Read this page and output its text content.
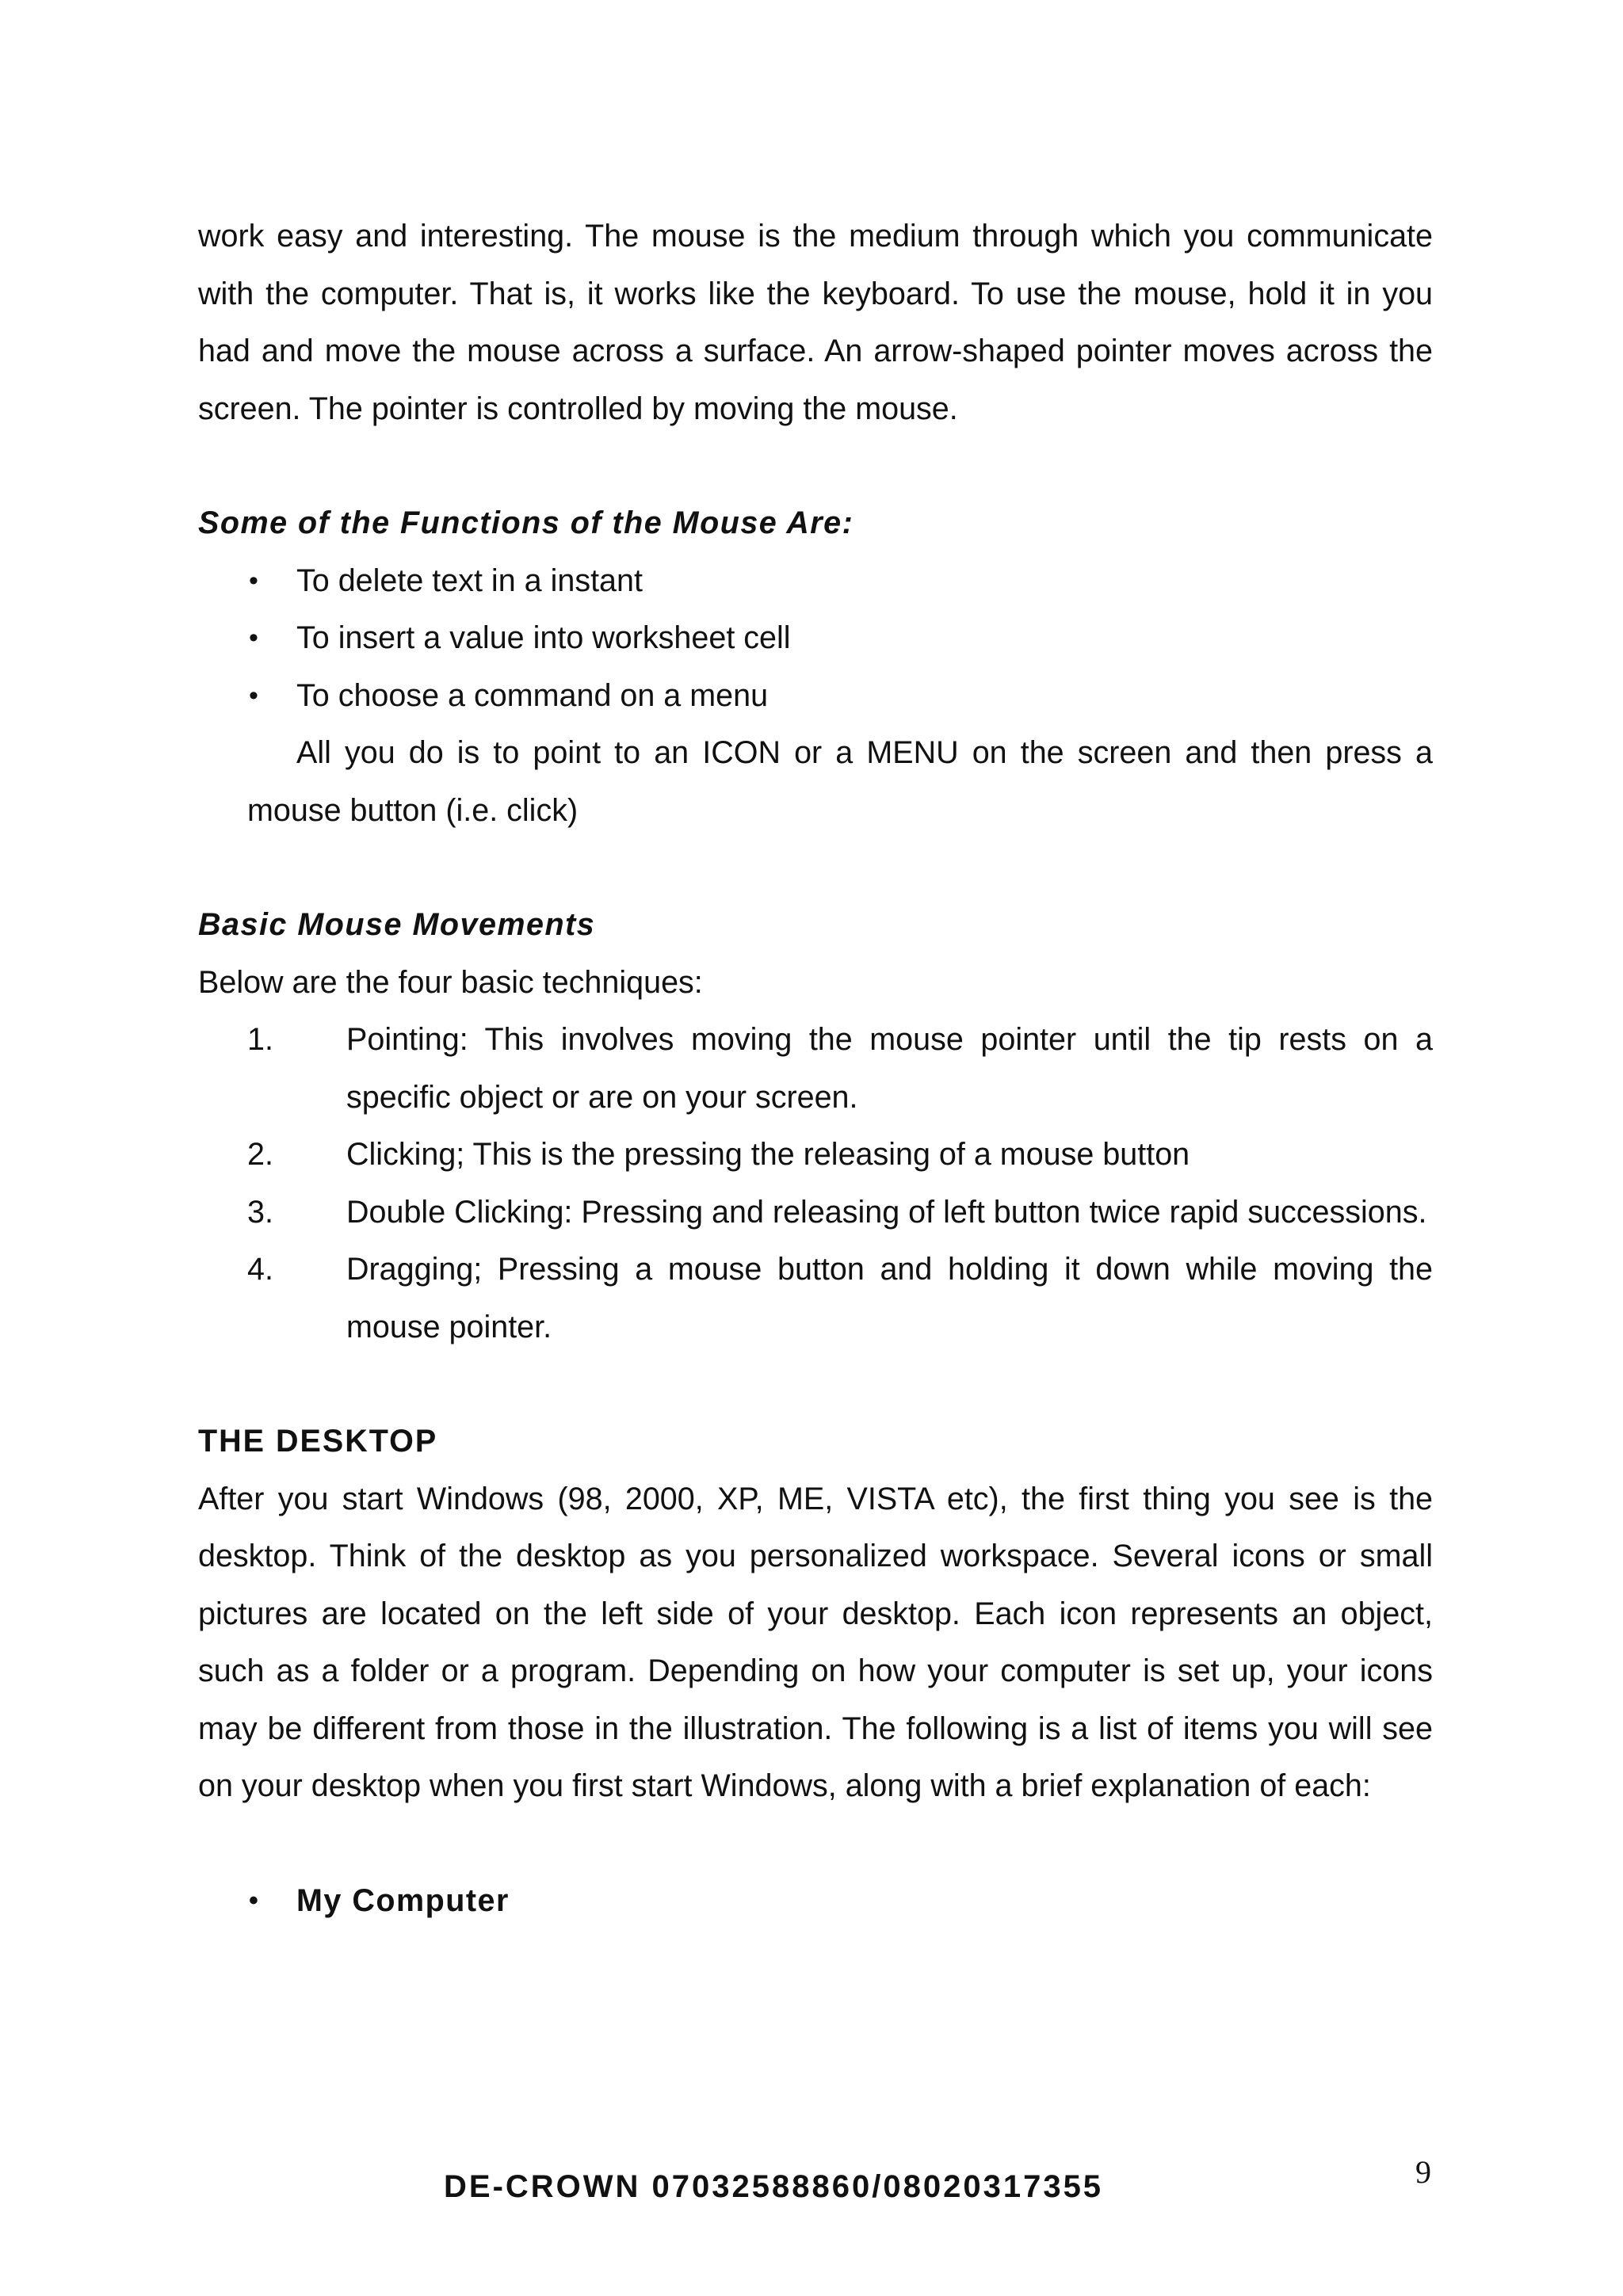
work easy and interesting. The mouse is the medium through which you communicate with the computer. That is, it works like the keyboard. To use the mouse, hold it in you had and move the mouse across a surface. An arrow-shaped pointer moves across the screen. The pointer is controlled by moving the mouse.

Some of the Functions of the Mouse Are:

• To delete text in a instant
• To insert a value into worksheet cell
• To choose a command on a menu

All you do is to point to an ICON or a MENU on the screen and then press a mouse button (i.e. click)

Basic Mouse Movements

Below are the four basic techniques:

1. Pointing: This involves moving the mouse pointer until the tip rests on a specific object or are on your screen.
2. Clicking; This is the pressing the releasing of a mouse button
3. Double Clicking: Pressing and releasing of left button twice rapid successions.
4. Dragging; Pressing a mouse button and holding it down while moving the mouse pointer.

THE DESKTOP

After you start Windows (98, 2000, XP, ME, VISTA etc), the first thing you see is the desktop. Think of the desktop as you personalized workspace. Several icons or small pictures are located on the left side of your desktop. Each icon represents an object, such as a folder or a program. Depending on how your computer is set up, your icons may be different from those in the illustration. The following is a list of items you will see on your desktop when you first start Windows, along with a brief explanation of each:

• My Computer
DE-CROWN 07032588860/08020317355	9
